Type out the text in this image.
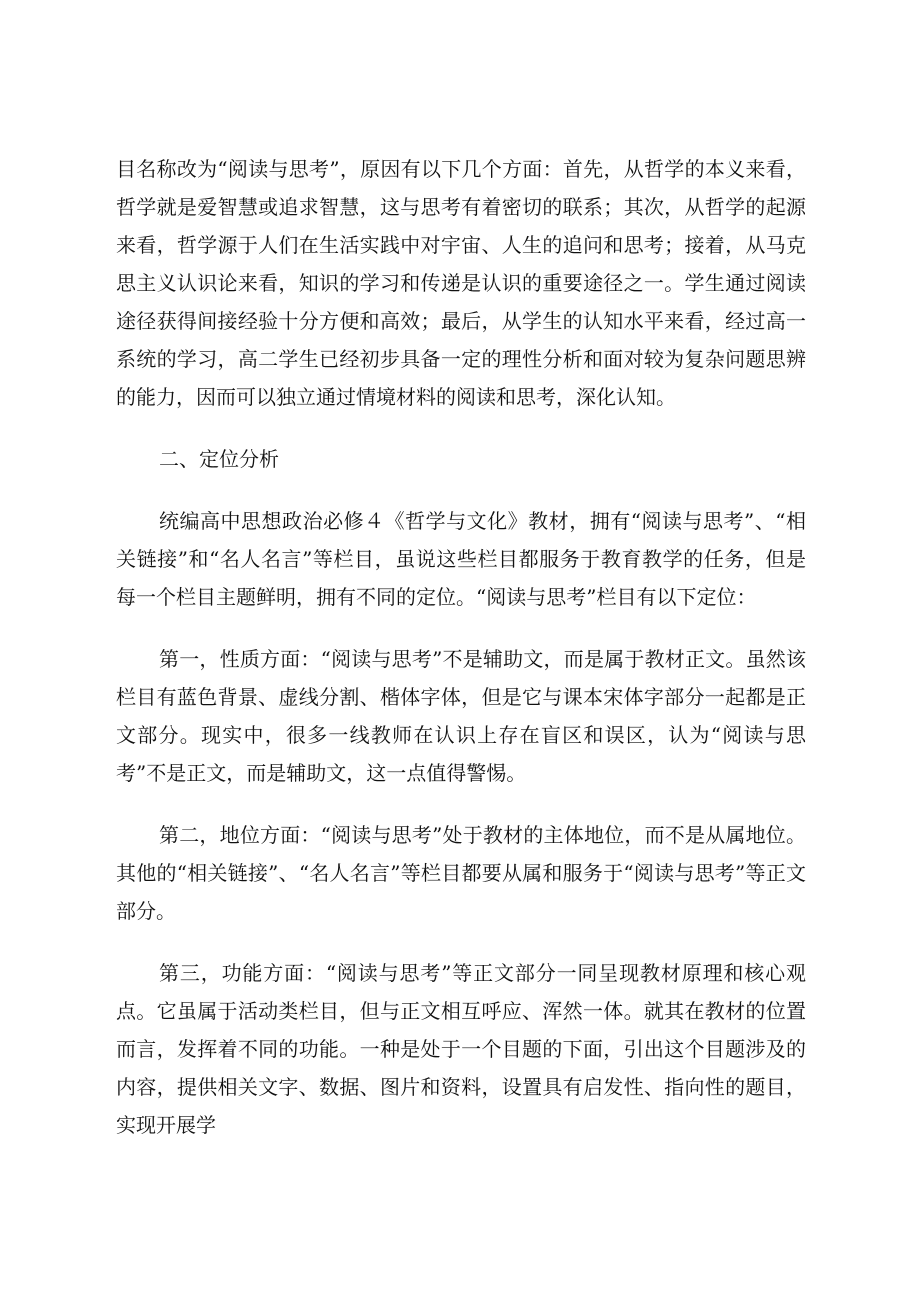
目名称改为“阅读与思考”，原因有以下几个方面：首先，从哲学的本义来看，哲学就是爱智慧或追求智慧，这与思考有着密切的联系；其次，从哲学的起源来看，哲学源于人们在生活实践中对宇宙、人生的追问和思考；接着，从马克思主义认识论来看，知识的学习和传递是认识的重要途径之一。学生通过阅读途径获得间接经验十分方便和高效；最后，从学生的认知水平来看，经过高一系统的学习，高二学生已经初步具备一定的理性分析和面对较为复杂问题思辨的能力，因而可以独立通过情境材料的阅读和思考，深化认知。

二、定位分析

统编高中思想政治必修４《哲学与文化》教材，拥有“阅读与思考”、“相关链接”和“名人名言”等栏目，虽说这些栏目都服务于教育教学的任务，但是每一个栏目主题鲜明，拥有不同的定位。“阅读与思考”栏目有以下定位：

第一，性质方面：“阅读与思考”不是辅助文，而是属于教材正文。虽然该栏目有蓝色背景、虚线分割、楷体字体，但是它与课本宋体字部分一起都是正文部分。现实中，很多一线教师在认识上存在盲区和误区，认为“阅读与思考”不是正文，而是辅助文，这一点值得警惕。

第二，地位方面：“阅读与思考”处于教材的主体地位，而不是从属地位。其他的“相关链接”、“名人名言”等栏目都要从属和服务于“阅读与思考”等正文部分。

第三，功能方面：“阅读与思考”等正文部分一同呈现教材原理和核心观点。它虽属于活动类栏目，但与正文相互呼应、浑然一体。就其在教材的位置而言，发挥着不同的功能。一种是处于一个目题的下面，引出这个目题涉及的内容，提供相关文字、数据、图片和资料，设置具有启发性、指向性的题目，实现开展学
